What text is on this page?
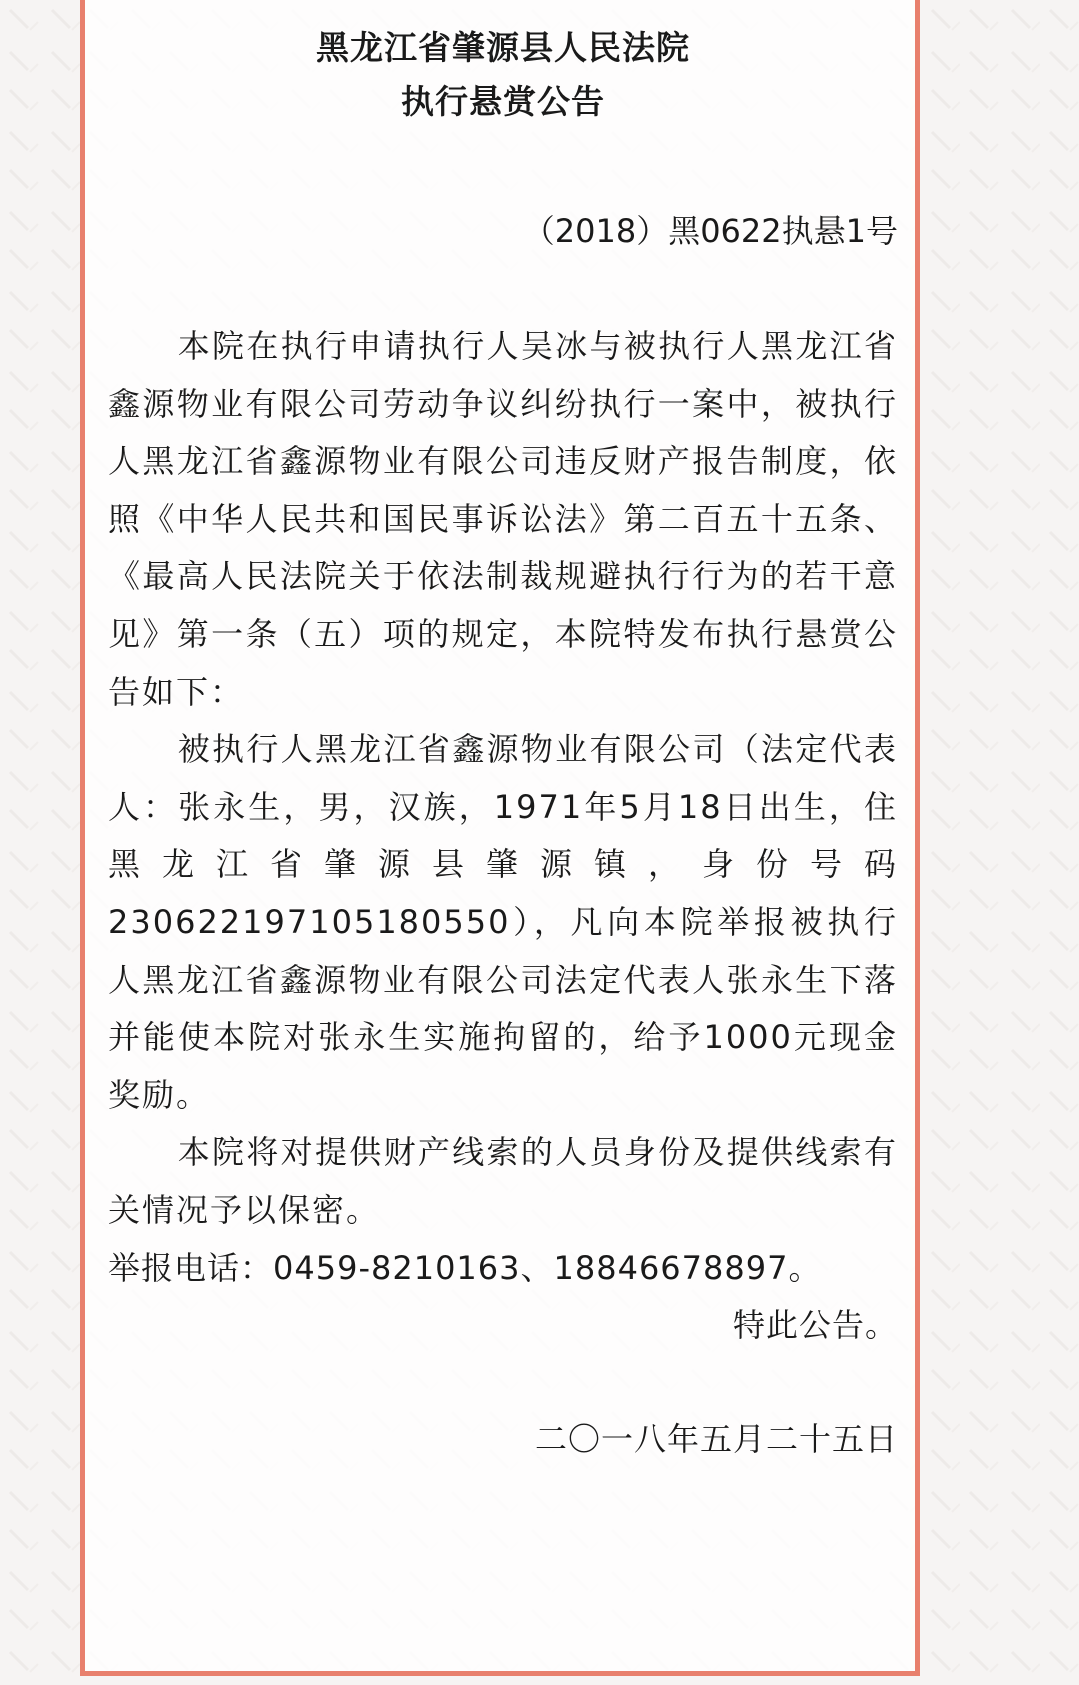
黑龙江省肇源县人民法院
执行悬赏公告
（2018）黑0622执悬1号

本院在执行申请执行人吴冰与被执行人黑龙江省鑫源物业有限公司劳动争议纠纷执行一案中，被执行人黑龙江省鑫源物业有限公司违反财产报告制度，依照《中华人民共和国民事诉讼法》第二百五十五条、《最高人民法院关于依法制裁规避执行行为的若干意见》第一条（五）项的规定，本院特发布执行悬赏公告如下：

被执行人黑龙江省鑫源物业有限公司（法定代表人：张永生，男，汉族，1971年5月18日出生，住黑龙江省肇源县肇源镇，身份号码230622197105180550），凡向本院举报被执行人黑龙江省鑫源物业有限公司法定代表人张永生下落并能使本院对张永生实施拘留的，给予1000元现金奖励。

本院将对提供财产线索的人员身份及提供线索有关情况予以保密。

举报电话：0459-8210163、18846678897。
特此公告。
二〇一八年五月二十五日
